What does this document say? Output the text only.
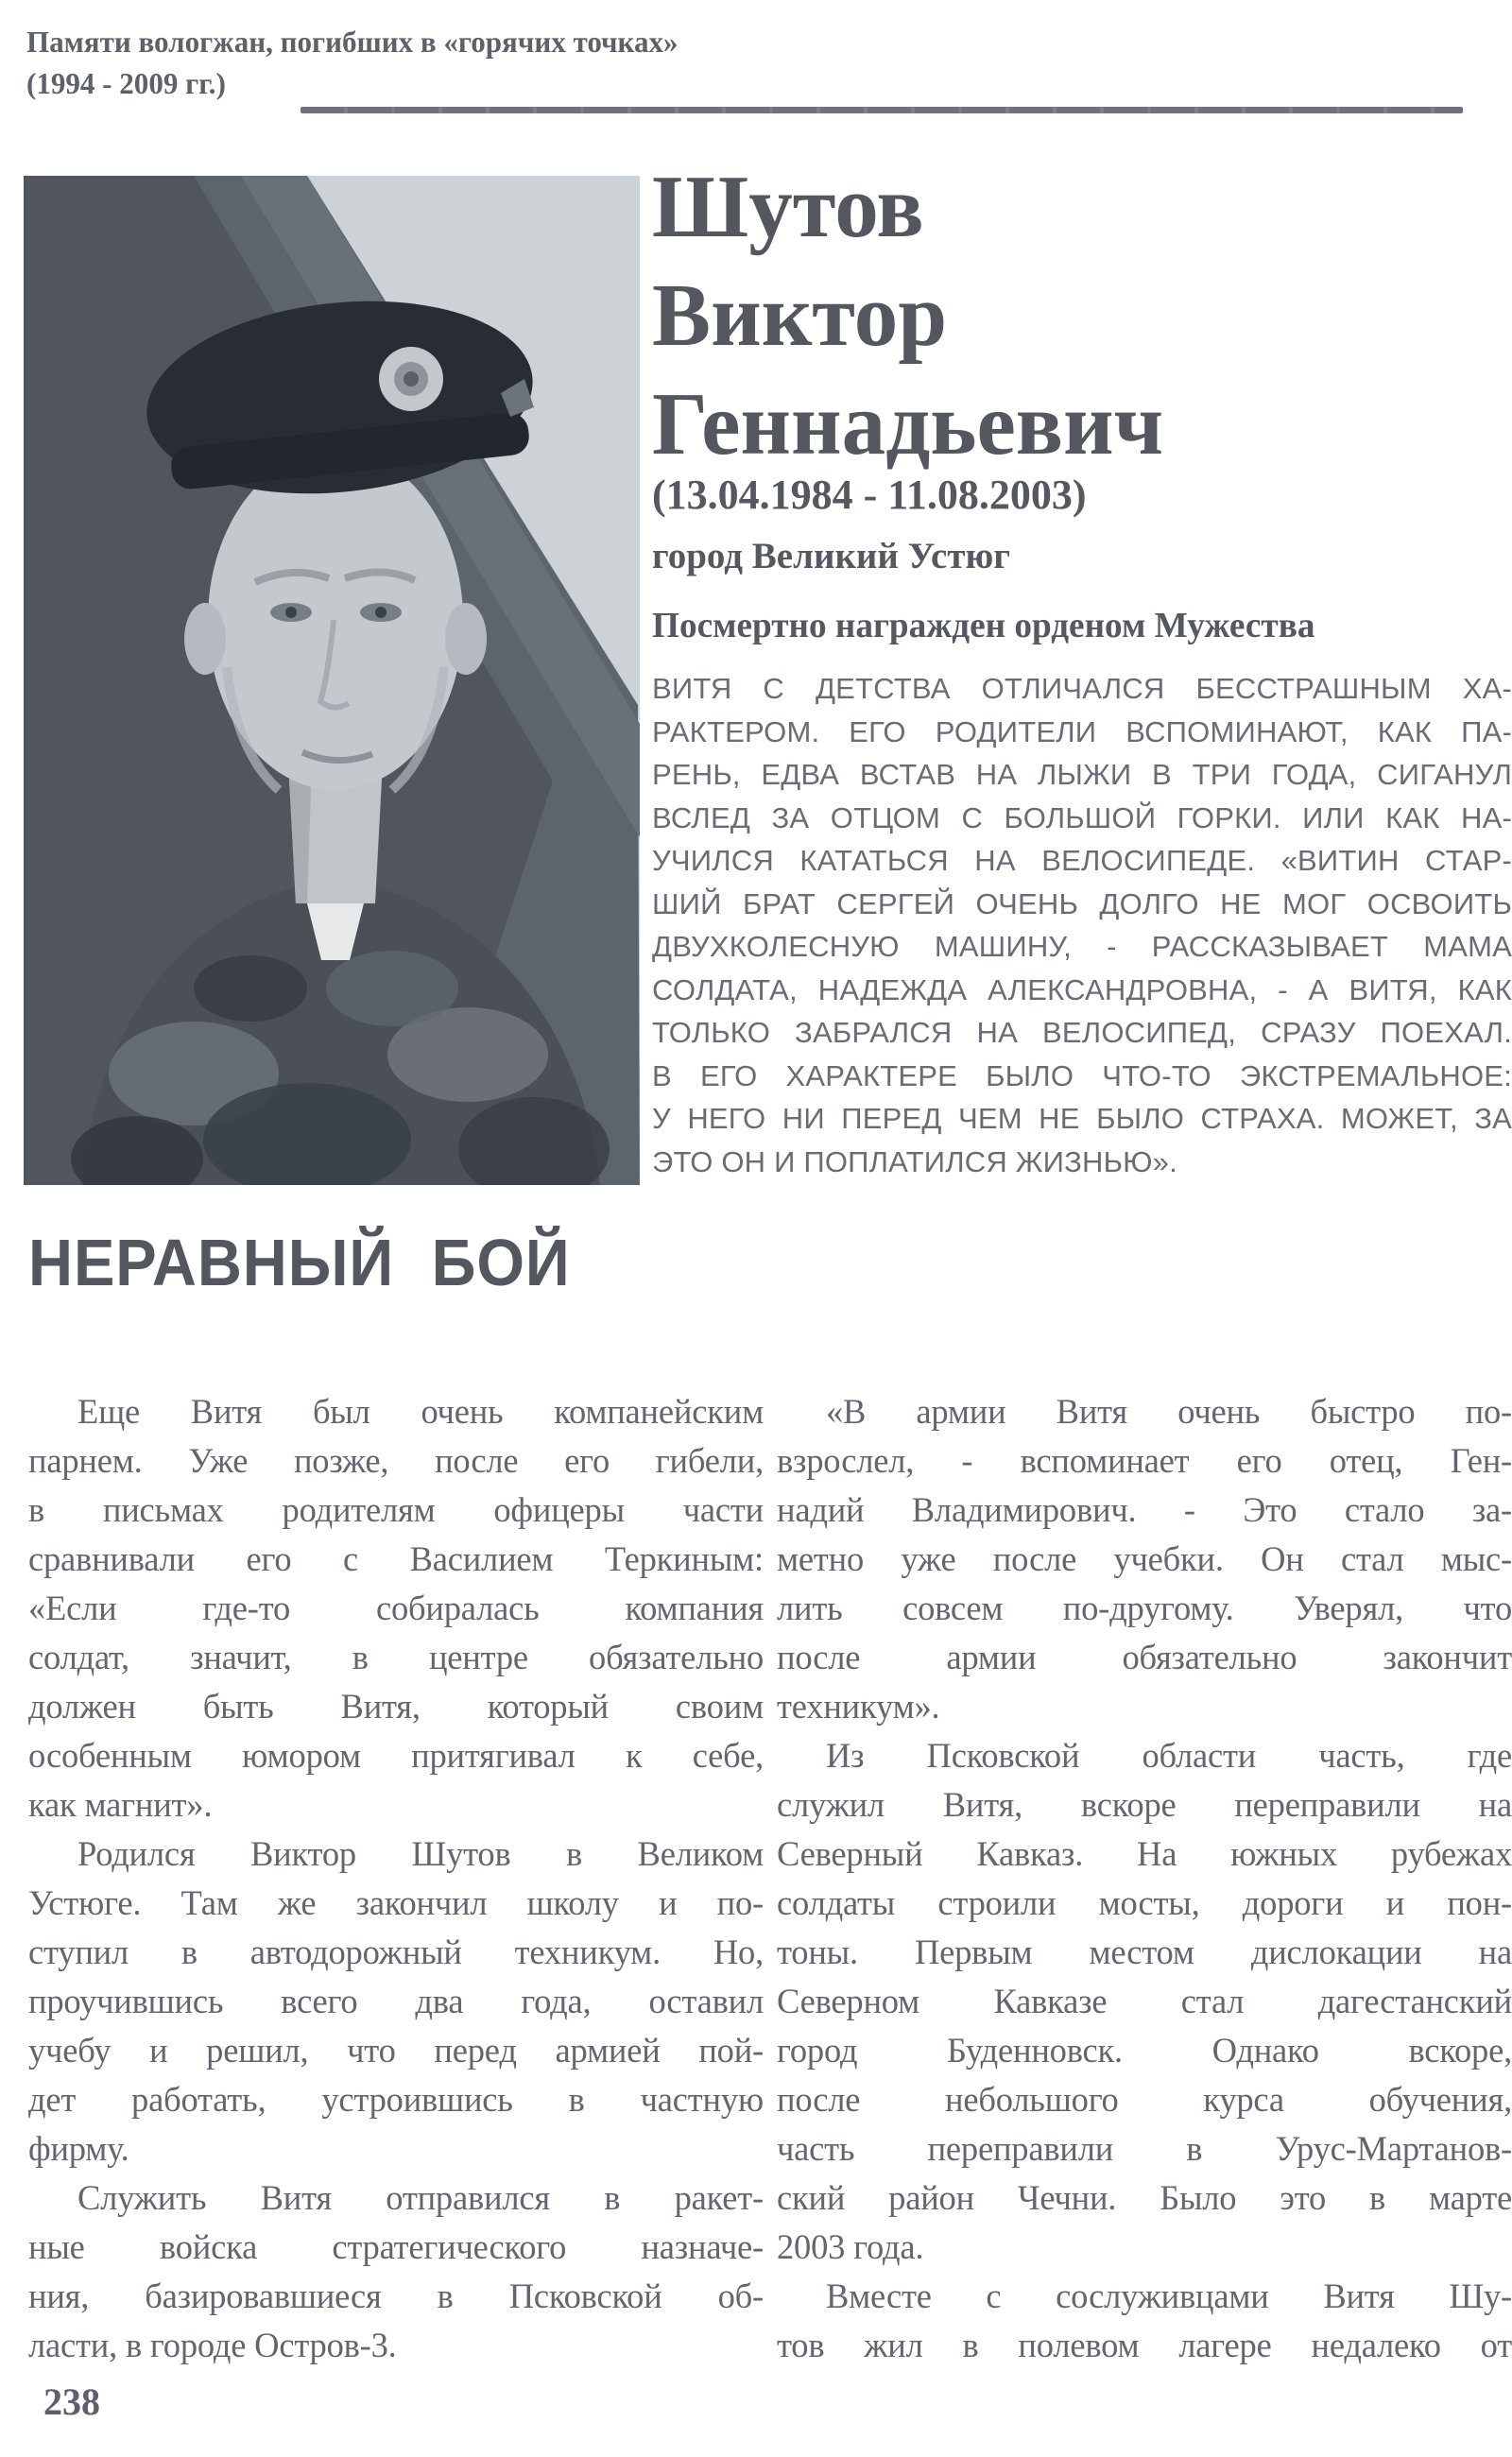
Памяти вологжан, погибших в «горячих точках»
(1994 - 2009 гг.)
Шутов
Виктор
Геннадьевич
(13.04.1984 - 11.08.2003)
город Великий Устюг
Посмертно награжден орденом Мужества
ВИТЯ С ДЕТСТВА ОТЛИЧАЛСЯ БЕССТРАШНЫМ ХА-
РАКТЕРОМ. ЕГО РОДИТЕЛИ ВСПОМИНАЮТ, КАК ПА-
РЕНЬ, ЕДВА ВСТАВ НА ЛЫЖИ В ТРИ ГОДА, СИГАНУЛ
ВСЛЕД ЗА ОТЦОМ С БОЛЬШОЙ ГОРКИ. ИЛИ КАК НА-
УЧИЛСЯ КАТАТЬСЯ НА ВЕЛОСИПЕДЕ. «ВИТИН СТАР-
ШИЙ БРАТ СЕРГЕЙ ОЧЕНЬ ДОЛГО НЕ МОГ ОСВОИТЬ
ДВУХКОЛЕСНУЮ МАШИНУ, - РАССКАЗЫВАЕТ МАМА
СОЛДАТА, НАДЕЖДА АЛЕКСАНДРОВНА, - А ВИТЯ, КАК
ТОЛЬКО ЗАБРАЛСЯ НА ВЕЛОСИПЕД, СРАЗУ ПОЕХАЛ.
В ЕГО ХАРАКТЕРЕ БЫЛО ЧТО-ТО ЭКСТРЕМАЛЬНОЕ:
У НЕГО НИ ПЕРЕД ЧЕМ НЕ БЫЛО СТРАХА. МОЖЕТ, ЗА
ЭТО ОН И ПОПЛАТИЛСЯ ЖИЗНЬЮ».
НЕРАВНЫЙ БОЙ
Еще Витя был очень компанейским
парнем. Уже позже, после его гибели,
в письмах родителям офицеры части
сравнивали его с Василием Теркиным:
«Если где-то собиралась компания
солдат, значит, в центре обязательно
должен быть Витя, который своим
особенным юмором притягивал к себе,
как магнит».
Родился Виктор Шутов в Великом
Устюге. Там же закончил школу и по-
ступил в автодорожный техникум. Но,
проучившись всего два года, оставил
учебу и решил, что перед армией пой-
дет работать, устроившись в частную
фирму.
Служить Витя отправился в ракет-
ные войска стратегического назначе-
ния, базировавшиеся в Псковской об-
ласти, в городе Остров-3.
«В армии Витя очень быстро по-
взрослел, - вспоминает его отец, Ген-
надий Владимирович. - Это стало за-
метно уже после учебки. Он стал мыс-
лить совсем по-другому. Уверял, что
после армии обязательно закончит
техникум».
Из Псковской области часть, где
служил Витя, вскоре переправили на
Северный Кавказ. На южных рубежах
солдаты строили мосты, дороги и пон-
тоны. Первым местом дислокации на
Северном Кавказе стал дагестанский
город Буденновск. Однако вскоре,
после небольшого курса обучения,
часть переправили в Урус-Мартанов-
ский район Чечни. Было это в марте
2003 года.
Вместе с сослуживцами Витя Шу-
тов жил в полевом лагере недалеко от
238
